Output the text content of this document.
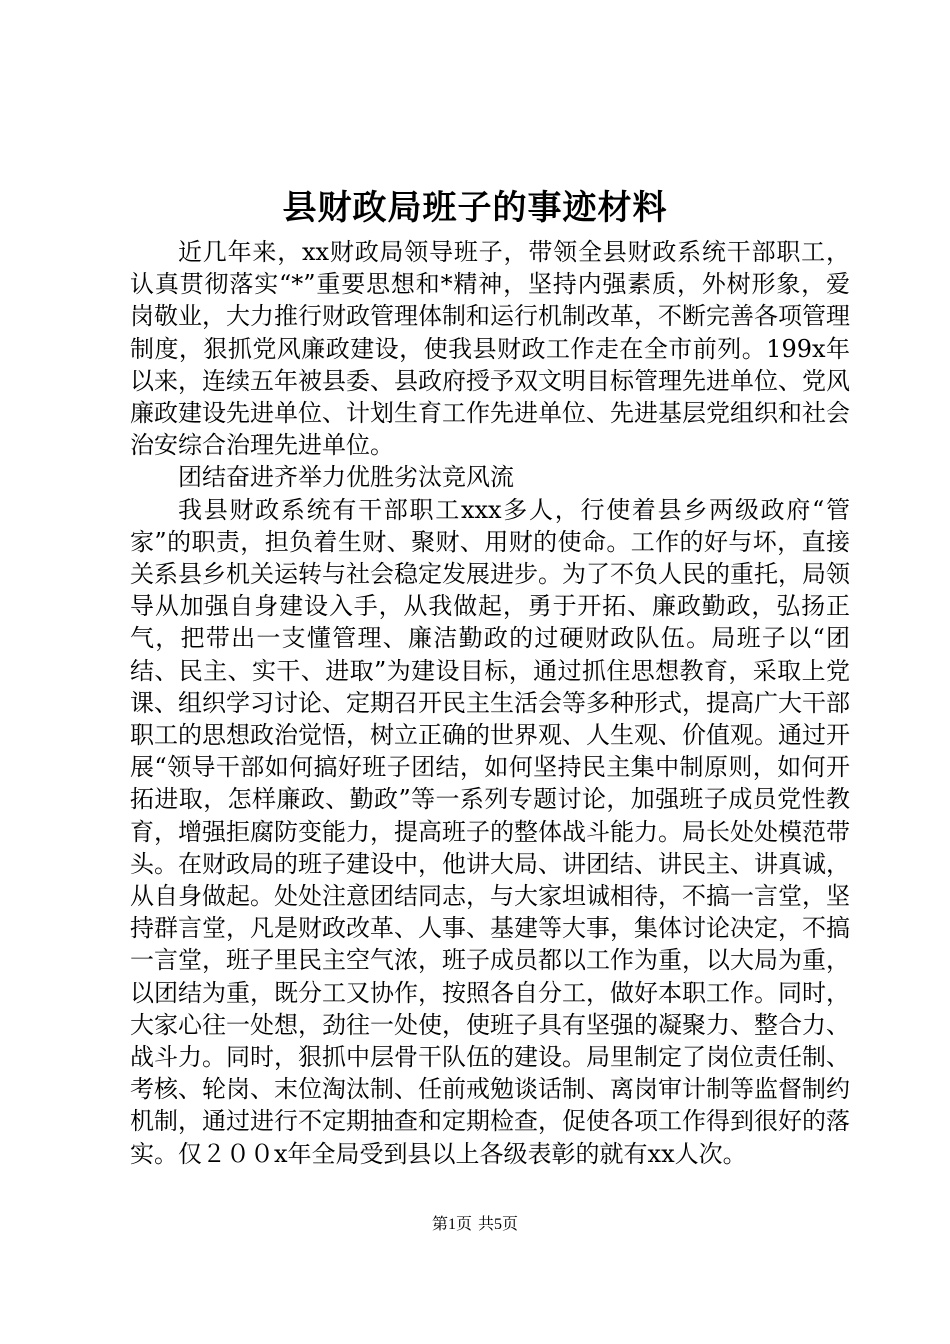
县财政局班子的事迹材料

近几年来，xx财政局领导班子，带领全县财政系统干部职工，认真贯彻落实“*”重要思想和*精神，坚持内强素质，外树形象，爱岗敬业，大力推行财政管理体制和运行机制改革，不断完善各项管理制度，狠抓党风廉政建设，使我县财政工作走在全市前列。199x年以来，连续五年被县委、县政府授予双文明目标管理先进单位、党风廉政建设先进单位、计划生育工作先进单位、先进基层党组织和社会治安综合治理先进单位。

团结奋进齐举力优胜劣汰竞风流

我县财政系统有干部职工xxx多人，行使着县乡两级政府“管家”的职责，担负着生财、聚财、用财的使命。工作的好与坏，直接关系县乡机关运转与社会稳定发展进步。为了不负人民的重托，局领导从加强自身建设入手，从我做起，勇于开拓、廉政勤政，弘扬正气，把带出一支懂管理、廉洁勤政的过硬财政队伍。局班子以“团结、民主、实干、进取”为建设目标，通过抓住思想教育，采取上党课、组织学习讨论、定期召开民主生活会等多种形式，提高广大干部职工的思想政治觉悟，树立正确的世界观、人生观、价值观。通过开展“领导干部如何搞好班子团结，如何坚持民主集中制原则，如何开拓进取，怎样廉政、勤政”等一系列专题讨论，加强班子成员党性教育，增强拒腐防变能力，提高班子的整体战斗能力。局长处处模范带头。在财政局的班子建设中，他讲大局、讲团结、讲民主、讲真诚，从自身做起。处处注意团结同志，与大家坦诚相待，不搞一言堂，坚持群言堂，凡是财政改革、人事、基建等大事，集体讨论决定，不搞一言堂，班子里民主空气浓，班子成员都以工作为重，以大局为重，以团结为重，既分工又协作，按照各自分工，做好本职工作。同时，大家心往一处想，劲往一处使，使班子具有坚强的凝聚力、整合力、战斗力。同时，狠抓中层骨干队伍的建设。局里制定了岗位责任制、考核、轮岗、末位淘汰制、任前戒勉谈话制、离岗审计制等监督制约机制，通过进行不定期抽查和定期检查，促使各项工作得到很好的落实。仅２００x年全局受到县以上各级表彰的就有xx人次。

第1页 共5页
